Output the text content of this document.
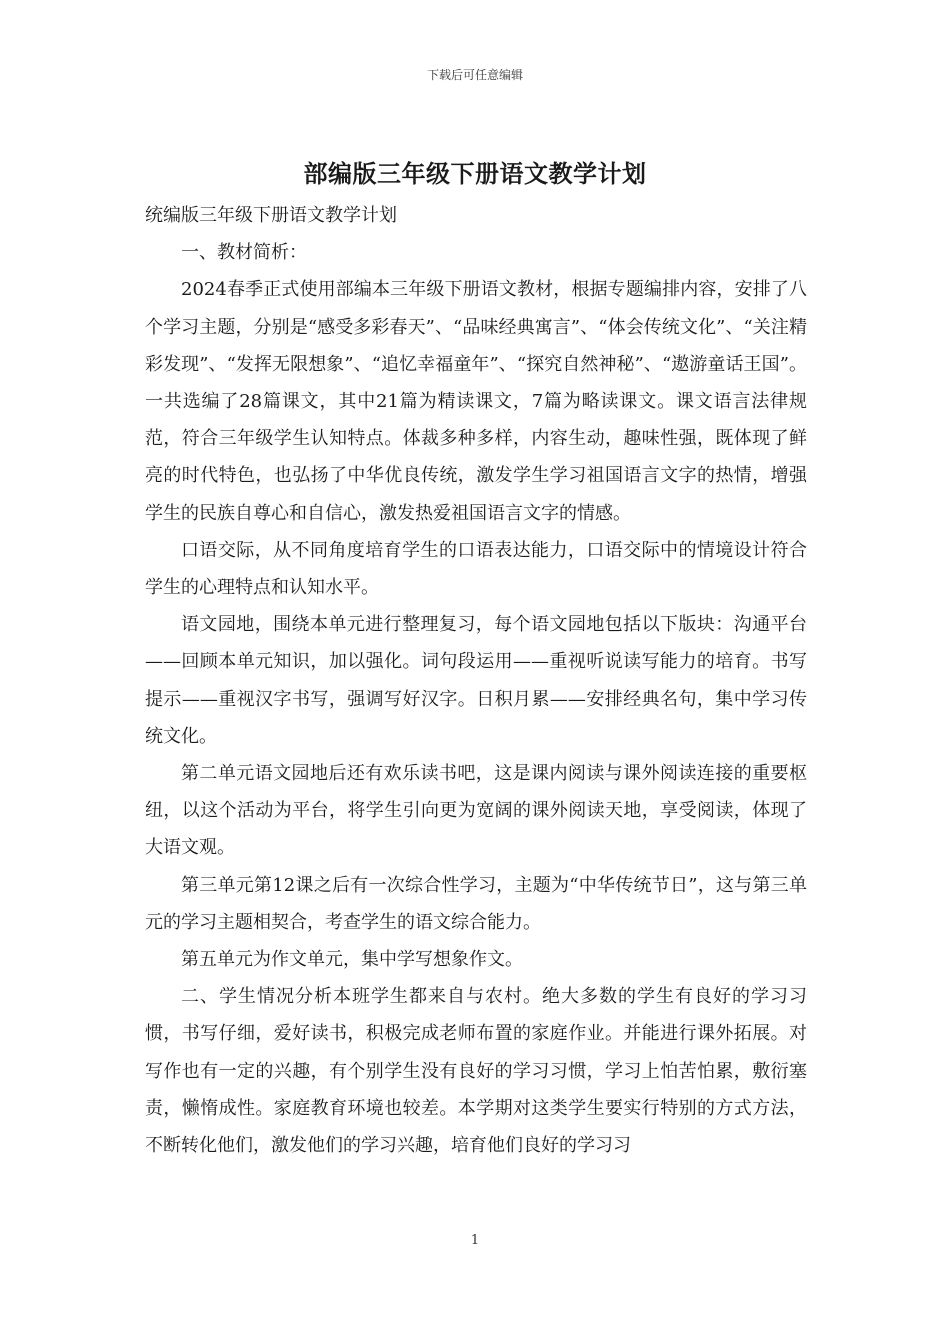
下载后可任意编辑
部编版三年级下册语文教学计划

统编版三年级下册语文教学计划

一、教材简析：

2024春季正式使用部编本三年级下册语文教材，根据专题编排内容，安排了八个学习主题，分别是“感受多彩春天”、“品味经典寓言”、“体会传统文化”、“关注精彩发现”、“发挥无限想象”、“追忆幸福童年”、“探究自然神秘”、“遨游童话王国”。一共选编了28篇课文，其中21篇为精读课文，7篇为略读课文。课文语言法律规范，符合三年级学生认知特点。体裁多种多样，内容生动，趣味性强，既体现了鲜亮的时代特色，也弘扬了中华优良传统，激发学生学习祖国语言文字的热情，增强学生的民族自尊心和自信心，激发热爱祖国语言文字的情感。

口语交际，从不同角度培育学生的口语表达能力，口语交际中的情境设计符合学生的心理特点和认知水平。

语文园地，围绕本单元进行整理复习，每个语文园地包括以下版块：沟通平台——回顾本单元知识，加以强化。词句段运用——重视听说读写能力的培育。书写提示——重视汉字书写，强调写好汉字。日积月累——安排经典名句，集中学习传统文化。

第二单元语文园地后还有欢乐读书吧，这是课内阅读与课外阅读连接的重要枢纽，以这个活动为平台，将学生引向更为宽阔的课外阅读天地，享受阅读，体现了大语文观。

第三单元第12课之后有一次综合性学习，主题为“中华传统节日”，这与第三单元的学习主题相契合，考查学生的语文综合能力。

第五单元为作文单元，集中学写想象作文。

二、学生情况分析本班学生都来自与农村。绝大多数的学生有良好的学习习惯，书写仔细，爱好读书，积极完成老师布置的家庭作业。并能进行课外拓展。对写作也有一定的兴趣，有个别学生没有良好的学习习惯，学习上怕苦怕累，敷衍塞责，懒惰成性。家庭教育环境也较差。本学期对这类学生要实行特别的方式方法，不断转化他们，激发他们的学习兴趣，培育他们良好的学习习

1
